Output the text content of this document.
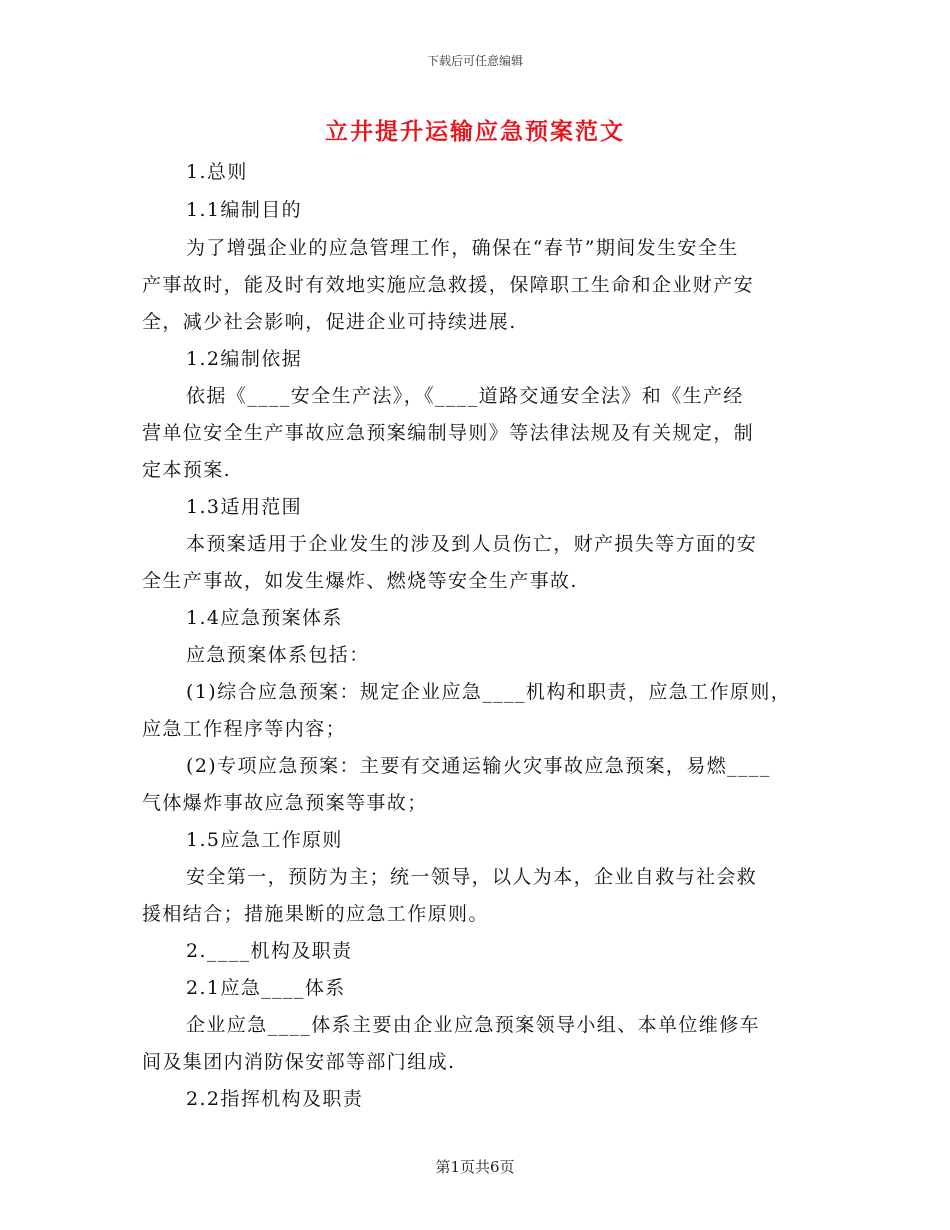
下载后可任意编辑
立井提升运输应急预案范文
1.总则
1.1编制目的
为了增强企业的应急管理工作，确保在“春节”期间发生安全生
产事故时，能及时有效地实施应急救援，保障职工生命和企业财产安
全，减少社会影响，促进企业可持续进展.
1.2编制依据
依据《____安全生产法》，《____道路交通安全法》和《生产经
营单位安全生产事故应急预案编制导则》等法律法规及有关规定，制
定本预案.
1.3适用范围
本预案适用于企业发生的涉及到人员伤亡，财产损失等方面的安
全生产事故，如发生爆炸、燃烧等安全生产事故.
1.4应急预案体系
应急预案体系包括：
(1)综合应急预案：规定企业应急____机构和职责，应急工作原则，
应急工作程序等内容；
(2)专项应急预案：主要有交通运输火灾事故应急预案，易燃____
气体爆炸事故应急预案等事故；
1.5应急工作原则
安全第一，预防为主；统一领导，以人为本，企业自救与社会救
援相结合；措施果断的应急工作原则。
2.____机构及职责
2.1应急____体系
企业应急____体系主要由企业应急预案领导小组、本单位维修车
间及集团内消防保安部等部门组成.
2.2指挥机构及职责
第1页共6页
